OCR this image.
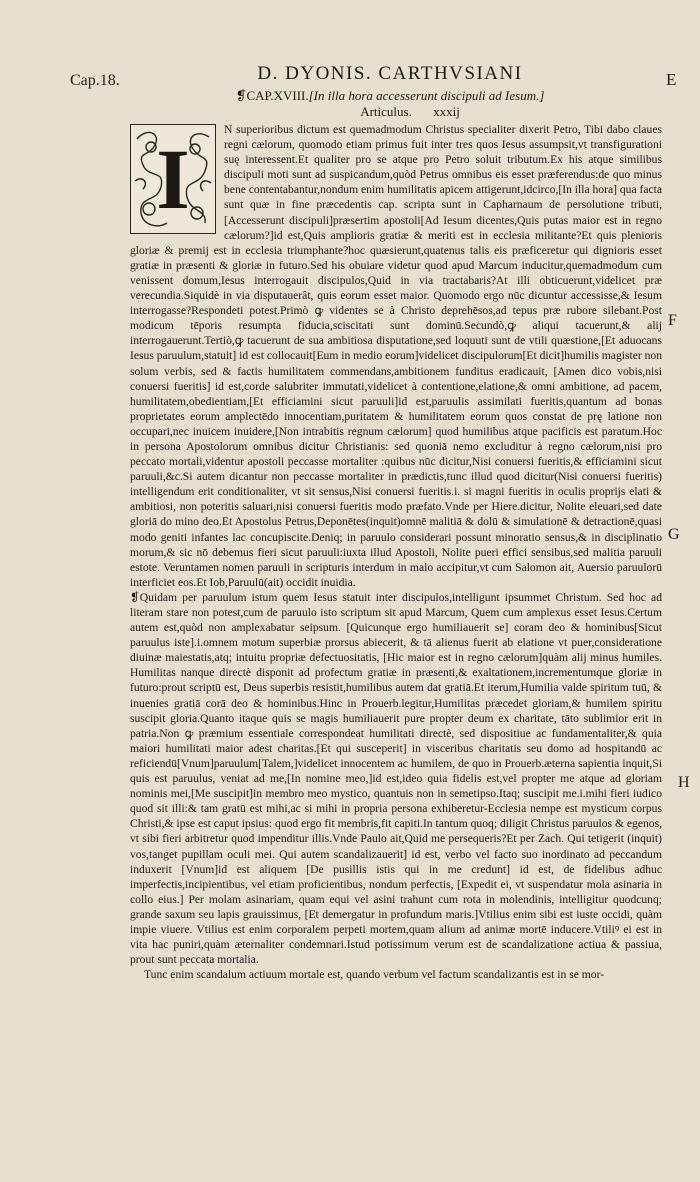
Cap.18.	E
D. DYONIS. CARTHVSIANI
❡CAP.XVIII.[In illa hora accesserunt discipuli ad Iesum.]
Articulus. xxxij
F
G
H
I

N superioribus dictum est quemadmodum Christus specialiter dixerit Petro, Tibi dabo claues regni cælorum, quomodo etiam primus fuit inter tres quos Iesus assumpsit,vt transfigurationi suę interessent.Et qualiter pro se atque pro Petro soluit tributum.Ex his atque similibus discipuli moti sunt ad suspicandum,quòd Petrus omnibus eis esset præferendus:de quo minus bene contentabantur,nondum enim humilitatis apicem attigerunt,idcirco,[In illa hora] qua facta sunt quæ in fine præcedentis cap. scripta sunt in Capharnaum de persolutione tributi,[Accesserunt discipuli]præsertim apostoli[Ad Iesum dicentes,Quis putas maior est in regno cælorum?]id est,Quis amplioris gratiæ & meriti est in ecclesia militante?Et quis plenioris gloriæ & premij est in ecclesia triumphante?hoc quæsierunt,quatenus talis eis præficeretur qui dignioris esset gratiæ in præsenti & gloriæ in futuro.Sed his obuiare videtur quod apud Marcum inducitur,quemadmodum cum venissent domum,Iesus interrogauit discipulos,Quid in via tractabaris?At illi obticuerunt,videlicet præ verecundia.Siquidè in via disputauerât, quis eorum esset maior. Quomodo ergo nūc dicuntur accessisse,& Iesum interrogasse?Respondeti potest.Primò ꝙ videntes se à Christo deprehēsos,ad tepus præ rubore silebant.Post modicum tēporis resumpta fiducia,sciscitati sunt dominū.Secundò,ꝙ aliqui tacuerunt,& alij interrogauerunt.Tertiò,ꝙ tacuerunt de sua ambitiosa disputatione,sed loquuti sunt de vtili quæstione,[Et aduocans Iesus paruulum,statuit] id est collocauit[Eum in medio eorum]videlicet discipulorum[Et dicit]humilis magister non solum verbis, sed & factis humilitatem commendans,ambitionem funditus eradicauit, [Amen dico vobis,nisi conuersi fueritis] id est,corde salubriter immutati,videlicet à contentione,elatione,& omni ambitione, ad pacem, humilitatem,obedientiam,[Et efficiamini sicut paruuli]id est,paruulis assimilati fueritis,quantum ad bonas proprietates eorum amplectēdo innocentiam,puritatem & humilitatem eorum quos constat de prę latione non occupari,nec inuicem inuidere,[Non intrabitis regnum cælorum] quod humilibus atque pacificis est paratum.Hoc in persona Apostolorum omnibus dicitur Christianis: sed quoniā nemo excluditur à regno cælorum,nisi pro peccato mortali,videntur apostoli peccasse mortaliter :quibus nūc dicitur,Nisi conuersi fueritis,& efficiamini sicut paruuli,&c.Si autem dicantur non peccasse mortaliter in prædictis,tunc illud quod dicitur(Nisi conuersi fueritis) intelligendum erit conditionaliter, vt sit sensus,Nisi conuersi fueritis.i. si magni fueritis in oculis proprijs elati & ambitiosi, non poteritis saluari,nisi conuersi fueritis modo præfato.Vnde per Hiere.dicitur, Nolite eleuari,sed date gloriā do mino deo.Et Apostolus Petrus,Deponētes(inquit)omnē malitiā & dolū & simulationē & detractionē,quasi modo geniti infantes lac concupiscite.Deniq; in paruulo considerari possunt minoratio sensus,& in disciplinatio morum,& sic nō debemus fieri sicut paruuli:iuxta illud Apostoli, Nolite pueri effici sensibus,sed malitia paruuli estote. Veruntamen nomen paruuli in scripturis interdum in malo accipitur,vt cum Salomon ait, Auersio paruulorū interficiet eos.Et Iob,Paruulū(ait) occidit inuidia.

❡Quidam per paruulum istum quem Iesus statuit inter discipulos,intelligunt ipsummet Christum. Sed hoc ad literam stare non potest,cum de paruulo isto scriptum sit apud Marcum, Quem cum amplexus esset Iesus.Certum autem est,quòd non amplexabatur seipsum. [Quicunque ergo humiliauerit se] coram deo & hominibus[Sicut paruulus iste].i.omnem motum superbiæ prorsus abiecerit, & tā alienus fuerit ab elatione vt puer,consideratione diuinæ maiestatis,atq; intuitu propriæ defectuositatis, [Hic maior est in regno cælorum]quàm alij minus humiles. Humilitas nanque directè disponit ad profectum gratiæ in præsenti,& exaltationem,incrementumque gloriæ in futuro:prout scriptū est, Deus superbis resistit,humilibus autem dat gratiā.Et iterum,Humilia valde spiritum tuū, & inuenies gratiā corā deo & hominibus.Hinc in Prouerb.legitur,Humilitas præcedet gloriam,& humilem spiritu suscipit gloria.Quanto itaque quis se magis humiliauerit pure propter deum ex charitate, tāto sublimior erit in patria.Non ꝙ præmium essentiale correspondeat humilitati directè, sed dispositiue ac fundamentaliter,& quia maiori humilitati maior adest charitas.[Et qui susceperit] in visceribus charitatis seu domo ad hospitandū ac reficiendū[Vnum]paruulum[Talem,]videlicet innocentem ac humilem, de quo in Prouerb.æterna sapientia inquit,Si quis est paruulus, veniat ad me,[In nomine meo,]id est,ideo quia fidelis est,vel propter me atque ad gloriam nominis mei,[Me suscipit]in membro meo mystico, quantuis non in semetipso.Itaq; suscipit me.i.mihi fieri iudico quod sit illi:& tam gratū est mihi,ac si mihi in propria persona exhiberetur-Ecclesia nempe est mysticum corpus Christi,& ipse est caput ipsius: quod ergo fit membris,fit capiti.In tantum quoq; diligit Christus paruulos & egenos, vt sibi fieri arbitretur quod impenditur illis.Vnde Paulo ait,Quid me persequeris?Et per Zach. Qui tetigerit (inquit) vos,tanget pupillam oculi mei. Qui autem scandalizauerit] id est, verbo vel facto suo inordinato ad peccandum induxerit [Vnum]id est aliquem [De pusillis istis qui in me credunt] id est, de fidelibus adhuc imperfectis,incipientibus, vel etiam proficientibus, nondum perfectis, [Expedit ei, vt suspendatur mola asinaria in collo eius.] Per molam asinariam, quam equi vel asini trahunt cum rota in molendinis, intelligitur quodcunq; grande saxum seu lapis grauissimus, [Et demergatur in profundum maris.]Vtilius enim sibi est iuste occidi, quàm impie viuere. Vtilius est enim corporalem perpeti mortem,quam alium ad animæ mortē inducere.Vtiliꝰ ei est in vita hac puniri,quàm æternaliter condemnari.Istud potissimum verum est de scandalizatione actiua & passiua, prout sunt peccata mortalia.

Tunc enim scandalum actiuum mortale est, quando verbum vel factum scandalizantis est in se mor-
